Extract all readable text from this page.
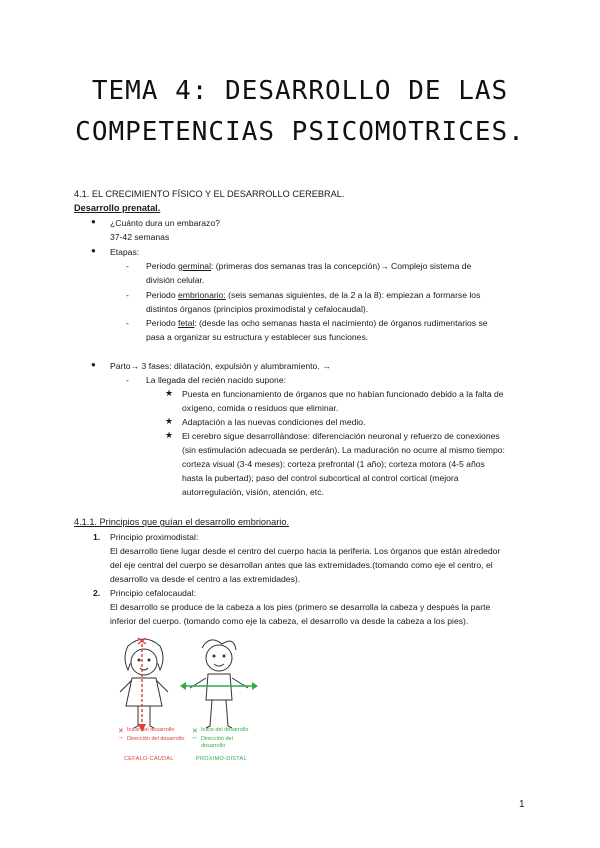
TEMA 4: DESARROLLO DE LAS
COMPETENCIAS PSICOMOTRICES.
4.1. EL CRECIMIENTO FÍSICO Y EL DESARROLLO CEREBRAL.
Desarrollo prenatal.
● ¿Cuánto dura un embarazo?
37-42 semanas
● Etapas:
- Periodo germinal: (primeras dos semanas tras la concepción)→ Complejo sistema de
división celular.
- Periodo embrionario: (seis semanas siguientes, de la 2 a la 8): empiezan a formarse los
distintos órganos (principios proximodistal y cefalocaudal).
- Periodo fetal: (desde las ocho semanas hasta el nacimiento) de órganos rudimentarios se
pasa a organizar su estructura y establecer sus funciones.
● Parto→ 3 fases: dilatación, expulsión y alumbramiento. →
- La llegada del recién nacido supone:
★ Puesta en funcionamiento de órganos que no habían funcionado debido a la falta de
oxígeno, comida o residuos que eliminar.
★ Adaptación a las nuevas condiciones del medio.
★ El cerebro sigue desarrollándose: diferenciación neuronal y refuerzo de conexiones
(sin estimulación adecuada se perderán). La maduración no ocurre al mismo tiempo:
corteza visual (3-4 meses); corteza prefrontal (1 año); corteza motora (4-5 años
hasta la pubertad); paso del control subcortical al control cortical (mejora
autorregulación, visión, atención, etc.
4.1.1. Principios que guían el desarrollo embrionario.
1. Principio proximodistal:
El desarrollo tiene lugar desde el centro del cuerpo hacia la periferia. Los órganos que están alrededor
del eje central del cuerpo se desarrollan antes que las extremidades.(tomando como eje el centro, el
desarrollo va desde el centro a las extremidades).
2. Principio cefalocaudal:
El desarrollo se produce de la cabeza a los pies (primero se desarrolla la cabeza y después la parte
inferior del cuerpo. (tomando como eje la cabeza, el desarrollo va desde la cabeza a los pies).
✕ Inicio del desarrollo
→ Dirección del desarrollo
CEFALO-CAUDAL
✕ Inicio del desarrollo
↔ Dirección del desarrollo
PROXIMO-DISTAL
1
